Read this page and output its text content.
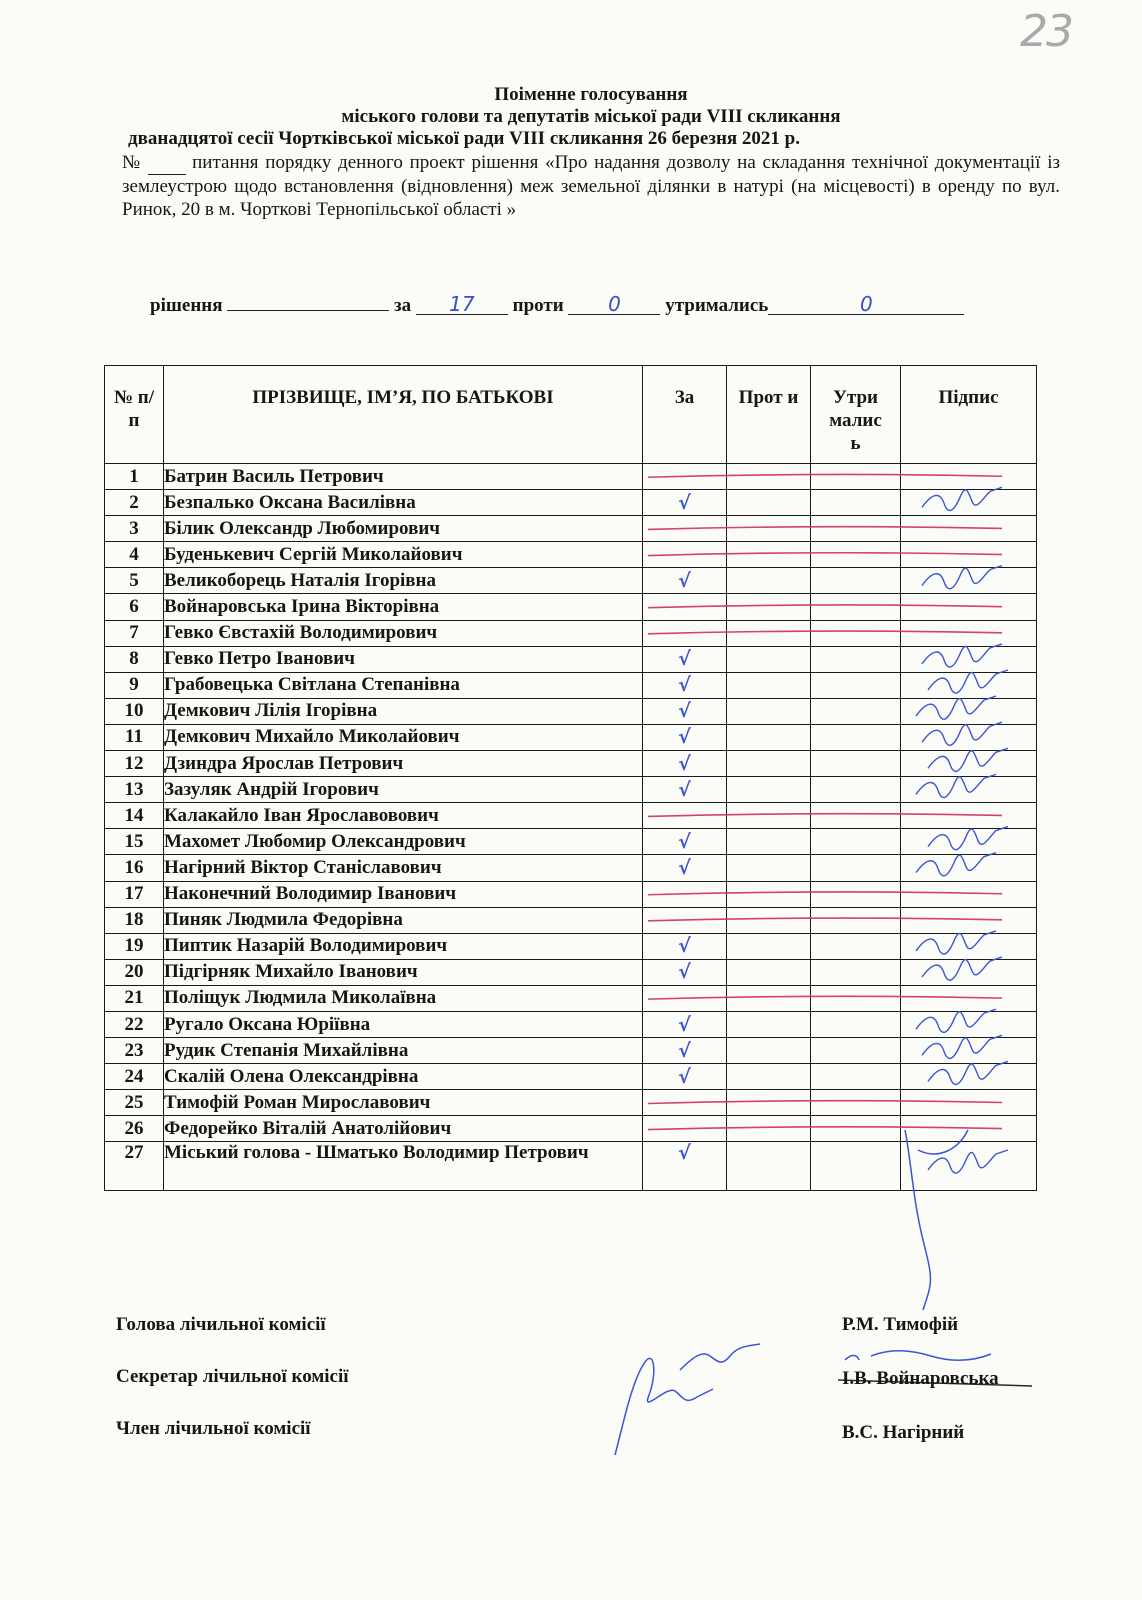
23
Поіменне голосування
міського голови та депутатів міської ради VIII скликання
дванадцятої сесії Чортківської міської ради VIII скликання 26 березня 2021 р.
№	питання порядку денного проект рішення «Про надання дозволу на складання технічної документації із землеустрою щодо встановлення (відновлення) меж земельної ділянки в натурі (на місцевості) в оренду по вул. Ринок, 20 в м. Чорткові Тернопільської області »
рішення	за 17 проти 0 утримались	0
№ п/п	ПРІЗВИЩЕ, ІМ’Я, ПО БАТЬКОВІ	За	Прот и	Утри малис ь	Підпис
1	Батрин Василь Петрович				
2	Безпалько Оксана Василівна	√			
3	Білик Олександр Любомирович				
4	Буденькевич Сергій Миколайович				
5	Великоборець Наталія Ігорівна	√			
6	Войнаровська Ірина Вікторівна				
7	Гевко Євстахій Володимирович				
8	Гевко Петро Іванович	√			
9	Грабовецька Світлана Степанівна	√			
10	Демкович Лілія Ігорівна	√			
11	Демкович Михайло Миколайович	√			
12	Дзиндра Ярослав Петрович	√			
13	Зазуляк Андрій Ігорович	√			
14	Калакайло Іван Ярославовович				
15	Махомет Любомир Олександрович	√			
16	Нагірний Віктор Станіславович	√			
17	Наконечний Володимир Іванович				
18	Пиняк Людмила Федорівна				
19	Пиптик Назарій Володимирович	√			
20	Підгірняк Михайло Іванович	√			
21	Поліщук Людмила Миколаївна				
22	Ругало Оксана Юріївна	√			
23	Рудик Степанія Михайлівна	√			
24	Скалій Олена Олександрівна	√			
25	Тимофій Роман Мирославович				
26	Федорейко Віталій Анатолійович				
27	Міський голова - Шматько Володимир Петрович	√			
Голова лічильної комісії	Р.М. Тимофій
Секретар лічильної комісії	І.В. Войнаровська
Член лічильної комісії	В.С. Нагірний
